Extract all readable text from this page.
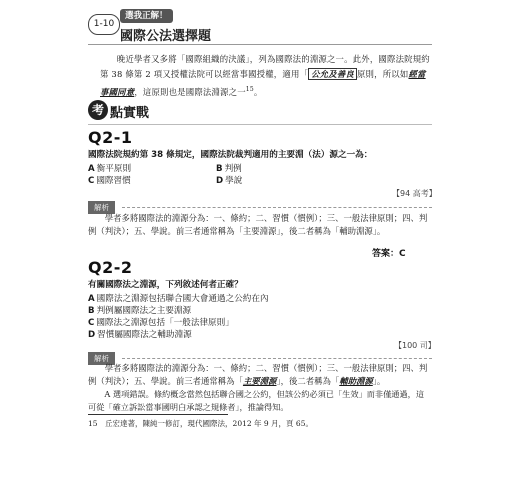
1-10
選我正解！
國際公法選擇題
晚近學者又多將「國際組織的決議」，列為國際法的淵源之一。此外，國際法院規約第 38 條第 2 項又授權法院可以經當事國授權，適用「 公允及善良 原則，所以如經當事國同意，這原則也是國際法淵源之一$^{15}$。
考 點實戰
Q2-1
國際法院規約第 38 條規定，國際法院裁判適用的主要淵（法）源之一為：
A 衡平原則	B 判例
C 國際習慣	D 學說
【94 高考】
解析
學者多將國際法的淵源分為：一、條約；二、習慣（慣例）；三、一般法律原則；四、判例（判決）；五、學說。前三者通常稱為「主要淵源」，後二者稱為「輔助淵源」。
答案：C
Q2-2
有關國際法之淵源，下列敘述何者正確？
A 國際法之淵源包括聯合國大會通過之公約在內
B 判例屬國際法之主要淵源
C 國際法之淵源包括「一般法律原則」
D 習慣屬國際法之輔助淵源
【100 司】
解析
學者多將國際法的淵源分為：一、條約；二、習慣（慣例）；三、一般法律原則；四、判例（判決）；五、學說。前三者通常稱為「主要淵源」，後二者稱為「輔助淵源」。
A 選項錯誤。條約概念當然包括聯合國之公約，但該公約必須已「生效」而非僅通過，這可從「確立訴訟當事國明白承認之規條者」，推論得知。
15　丘宏達著，陳純一修訂，現代國際法，2012 年 9 月，頁 65。
